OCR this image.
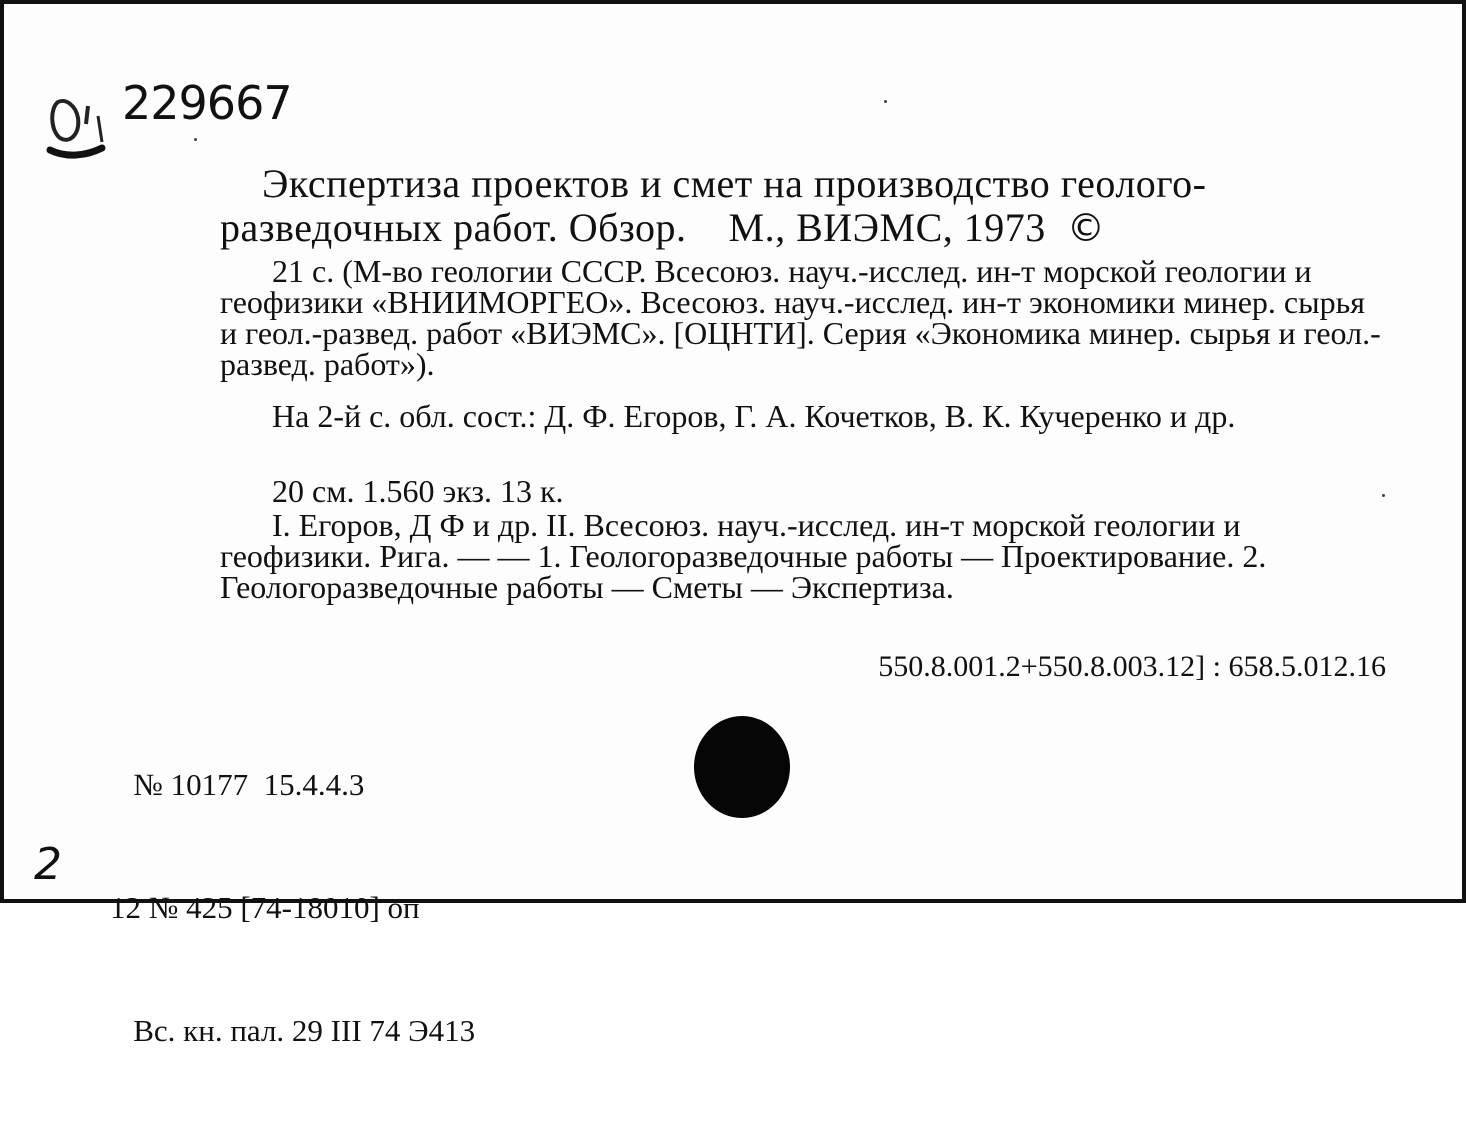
229667
Экспертиза проектов и смет на производство геолого-
разведочных работ. Обзор. М., ВИЭМС, 1973 ©
21 с. (М-во геологии СССР. Всесоюз. науч.-исслед. ин-т морской геологии и геофизики «ВНИИМОРГЕО». Всесоюз. науч.-исслед. ин-т экономики минер. сырья и геол.-развед. работ «ВИЭМС». [ОЦНТИ]. Серия «Экономика минер. сырья и геол.-развед. работ»).
На 2-й с. обл. сост.: Д. Ф. Егоров, Г. А. Кочетков, В. К. Кучеренко и др.
20 см. 1.560 экз. 13 к.
I. Егоров, Д Ф и др. II. Всесоюз. науч.-исслед. ин-т морской геологии и геофизики. Рига. — — 1. Геологоразведочные работы — Проектирование. 2. Геологоразведочные работы — Сметы — Экспертиза.
550.8.001.2+550.8.003.12] : 658.5.012.16

№ 10177  15.4.4.3

12 № 425 [74-18010] оп

Вс. кн. пал. 29 III 74 Э413

2
